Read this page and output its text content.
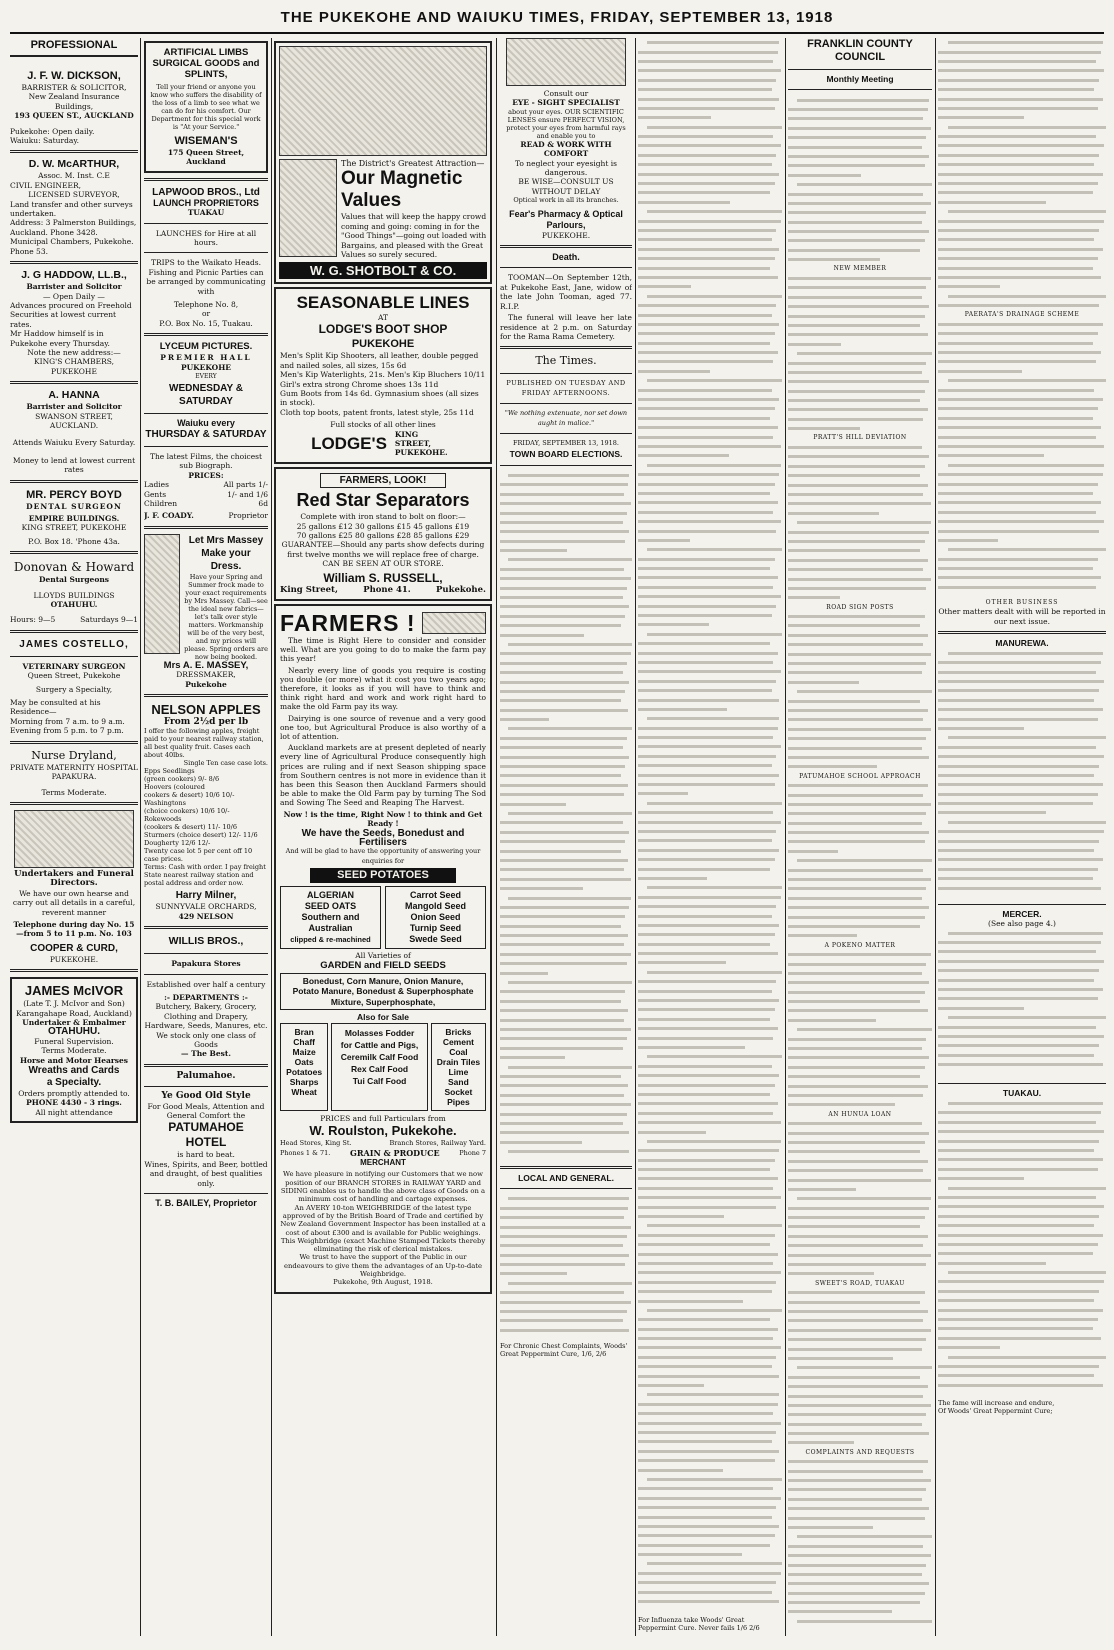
THE PUKEKOHE AND WAIUKU TIMES, FRIDAY, SEPTEMBER 13, 1918
PROFESSIONAL
J. F. W. DICKSON,
BARRISTER & SOLICITOR,
New Zealand Insurance Buildings,
193 QUEEN ST., AUCKLAND
Pukekohe: Open daily.
Waiuku: Saturday.
D. W. McARTHUR,
Assoc. M. Inst. C.E
CIVIL ENGINEER,
LICENSED SURVEYOR,
Land transfer and other surveys undertaken.
Address: 3 Palmerston Buildings, Auckland. Phone 3428.
Municipal Chambers, Pukekohe. Phone 53.
J. G HADDOW, LL.B.,
Barrister and Solicitor
— Open Daily —
Advances procured on Freehold Securities at lowest current rates.
Mr Haddow himself is in Pukekohe every Thursday.
Note the new address:—
KING'S CHAMBERS, PUKEKOHE
A. HANNA
Barrister and Solicitor
SWANSON STREET, AUCKLAND.
Attends Waiuku Every Saturday.
Money to lend at lowest current rates
MR. PERCY BOYD
DENTAL SURGEON
EMPIRE BUILDINGS.
KING STREET, PUKEKOHE
P.O. Box 18. 'Phone 43a.
Donovan & Howard
Dental Surgeons
LLOYDS BUILDINGS
OTAHUHU.
Hours: 9—5	Saturdays 9—1
JAMES COSTELLO,
VETERINARY SURGEON
Queen Street, Pukekohe
Surgery a Specialty,
May be consulted at his Residence—
Morning from 7 a.m. to 9 a.m.
Evening from 5 p.m. to 7 p.m.
Nurse Dryland,
PRIVATE MATERNITY HOSPITAL
PAPAKURA.
Terms Moderate.
Undertakers and Funeral Directors.
We have our own hearse and carry out all details in a careful, reverent manner
Telephone during day No. 15
—from 5 to 11 p.m. No. 103
COOPER & CURD,
PUKEKOHE.
JAMES McIVOR
(Late T. J. McIvor and Son)
Karangahape Road, Auckland)
Undertaker & Embalmer
OTAHUHU.
Funeral Supervision.
Terms Moderate.
Horse and Motor Hearses
Wreaths and Cards
a Specialty.
Orders promptly attended to.
PHONE 4430 - 3 rings.
All night attendance
ARTIFICIAL LIMBS SURGICAL GOODS and SPLINTS,
Tell your friend or anyone you know who suffers the disability of the loss of a limb to see what we can do for his comfort. Our Department for this special work is "At your Service."
WISEMAN'S
175 Queen Street,
Auckland
LAPWOOD BROS., Ltd
LAUNCH PROPRIETORS
TUAKAU
LAUNCHES for Hire at all hours.
TRIPS to the Waikato Heads.
Fishing and Picnic Parties can be arranged by communicating with
Telephone No. 8,
or
P.O. Box No. 15, Tuakau.
LYCEUM PICTURES.
PREMIER HALL
PUKEKOHE
EVERY
WEDNESDAY & SATURDAY
Waiuku every
THURSDAY & SATURDAY
The latest Films, the choicest sub Biograph.
PRICES:
Ladies	All parts 1/-
Gents	1/- and 1/6
Children	6d
J. F. COADY.	Proprietor
Let Mrs Massey
Make your
Dress.
Have your Spring and Summer frock made to your exact requirements by Mrs Massey. Call—see the ideal new fabrics—let's talk over style matters. Workmanship will be of the very best, and my prices will please. Spring orders are now being booked.
Mrs A. E. MASSEY,
DRESSMAKER,
Pukekohe
NELSON APPLES
From 2½d per lb
I offer the following apples, freight paid to your nearest railway station, all best quality fruit. Cases each about 40lbs.
Single Ten case case lots.
Epps Seedlings
(green cookers) 9/- 8/6
Hoovers (coloured
cookers & desert) 10/6 10/-
Washingtons
(choice cookers) 10/6 10/-
Rokewoods
(cookers & desert) 11/- 10/6
Sturmers (choice desert) 12/- 11/6
Dougherty 12/6 12/-
Twenty case lot 5 per cent off 10 case prices.
Terms: Cash with order. I pay freight
State nearest railway station and postal address and order now.
Harry Milner,
SUNNYVALE ORCHARDS,
429 NELSON
WILLIS BROS.,
Papakura Stores
Established over half a century
:- DEPARTMENTS :-
Butchery, Bakery, Grocery, Clothing and Drapery, Hardware, Seeds, Manures, etc.
We stock only one class of Goods
— The Best.
Palumahoe.
Ye Good Old Style
For Good Meals, Attention and General Comfort the
PATUMAHOE
HOTEL
is hard to beat.
Wines, Spirits, and Beer, bottled and draught, of best qualities only.
T. B. BAILEY, Proprietor
The District's Greatest Attraction—
Our Magnetic Values
Values that will keep the happy crowd coming and going: coming in for the "Good Things"—going out loaded with Bargains, and pleased with the Great Values so surely secured.
W. G. SHOTBOLT & CO.
SEASONABLE LINES
AT
LODGE'S BOOT SHOP
PUKEKOHE
Men's Split Kip Shooters, all leather, double pegged and nailed soles, all sizes, 15s 6d
Men's Kip Waterlights, 21s. Men's Kip Bluchers 10/11
Girl's extra strong Chrome shoes 13s 11d
Gum Boots from 14s 6d. Gymnasium shoes (all sizes in stock).
Cloth top boots, patent fronts, latest style, 25s 11d
Full stocks of all other lines
LODGE'S KING STREET, PUKEKOHE.
FARMERS, LOOK!
Red Star Separators
Complete with iron stand to bolt on floor:—
25 gallons £12 30 gallons £15 45 gallons £19
70 gallons £25 80 gallons £28 85 gallons £29
GUARANTEE—Should any parts show defects during first twelve months we will replace free of charge.
CAN BE SEEN AT OUR STORE.
William S. RUSSELL,
King Street,	Phone 41.	Pukekohe.
FARMERS !

The time is Right Here to consider and consider well. What are you going to do to make the farm pay this year!

Nearly every line of goods you require is costing you double (or more) what it cost you two years ago; therefore, it looks as if you will have to think and think right hard and work and work right hard to make the old Farm pay its way.

Dairying is one source of revenue and a very good one too, but Agricultural Produce is also worthy of a lot of attention.

Auckland markets are at present depleted of nearly every line of Agricultural Produce consequently high prices are ruling and if next Season shipping space from Southern centres is not more in evidence than it has been this Season then Auckland Farmers should be able to make the Old Farm pay by turning The Sod and Sowing The Seed and Reaping The Harvest.

Now ! is the time, Right Now ! to think and Get Ready !
We have the Seeds, Bonedust and Fertilisers
And will be glad to have the opportunity of answering your enquiries for
SEED POTATOES
ALGERIAN
SEED OATS
Southern and
Australian
clipped & re-machined
Carrot Seed
Mangold Seed
Onion Seed
Turnip Seed
Swede Seed
All Varieties of
GARDEN and FIELD SEEDS
Bonedust, Corn Manure, Onion Manure,
Potato Manure, Bonedust & Superphosphate
Mixture, Superphosphate,
Also for Sale
Bran
Chaff
Maize
Oats
Potatoes
Sharps
Wheat
Molasses Fodder
for Cattle and Pigs,
Ceremilk Calf Food
Rex Calf Food
Tui Calf Food
Bricks
Cement
Coal
Drain Tiles
Lime
Sand
Socket Pipes
PRICES and full Particulars from
W. Roulston, Pukekohe.
Head Stores, King St.	Branch Stores, Railway Yard.
Phones 1 & 71. GRAIN & PRODUCE	Phone 7
MERCHANT
We have pleasure in notifying our Customers that we now position of our BRANCH STORES in RAILWAY YARD and SIDING enables us to handle the above class of Goods on a minimum cost of handling and cartage expenses.
An AVERY 10-ton WEIGHBRIDGE of the latest type approved of by the British Board of Trade and certified by New Zealand Government Inspector has been installed at a cost of about £300 and is available for Public weighings. This Weighbridge (exact Machine Stamped Tickets thereby eliminating the risk of clerical mistakes.
We trust to have the support of the Public in our endeavours to give them the advantages of an Up-to-date Weighbridge.
Pukekohe, 9th August, 1918.
Consult our
EYE - SIGHT SPECIALIST
about your eyes. OUR SCIENTIFIC LENSES ensure PERFECT VISION, protect your eyes from harmful rays and enable you to
READ & WORK WITH COMFORT
To neglect your eyesight is dangerous.
BE WISE—CONSULT US
WITHOUT DELAY
Optical work in all its branches.
Fear's Pharmacy & Optical Parlours,
PUKEKOHE.
Death.

TOOMAN—On September 12th, at Pukekohe East, Jane, widow of the late John Tooman, aged 77. R.I.P.

The funeral will leave her late residence at 2 p.m. on Saturday for the Rama Rama Cemetery.

The Times.
PUBLISHED ON TUESDAY AND FRIDAY AFTERNOONS.
"We nothing extenuate, nor set down aught in malice."
FRIDAY, SEPTEMBER 13, 1918.
TOWN BOARD ELECTIONS.
LOCAL AND GENERAL.
For Chronic Chest Complaints, Woods' Great Peppermint Cure, 1/6, 2/6
For Influenza take Woods' Great Peppermint Cure. Never fails 1/6 2/6
FRANKLIN COUNTY COUNCIL
Monthly Meeting
NEW MEMBER
PRATT'S HILL DEVIATION
ROAD SIGN POSTS
PATUMAHOE SCHOOL APPROACH
A POKENO MATTER
AN HUNUA LOAN
SWEET'S ROAD, TUAKAU
COMPLAINTS AND REQUESTS
PAERATA'S DRAINAGE SCHEME
OTHER BUSINESS
Other matters dealt with will be reported in our next issue.
MANUREWA.
MERCER.
(See also page 4.)
TUAKAU.
The fame will increase and endure,
Of Woods' Great Peppermint Cure;
